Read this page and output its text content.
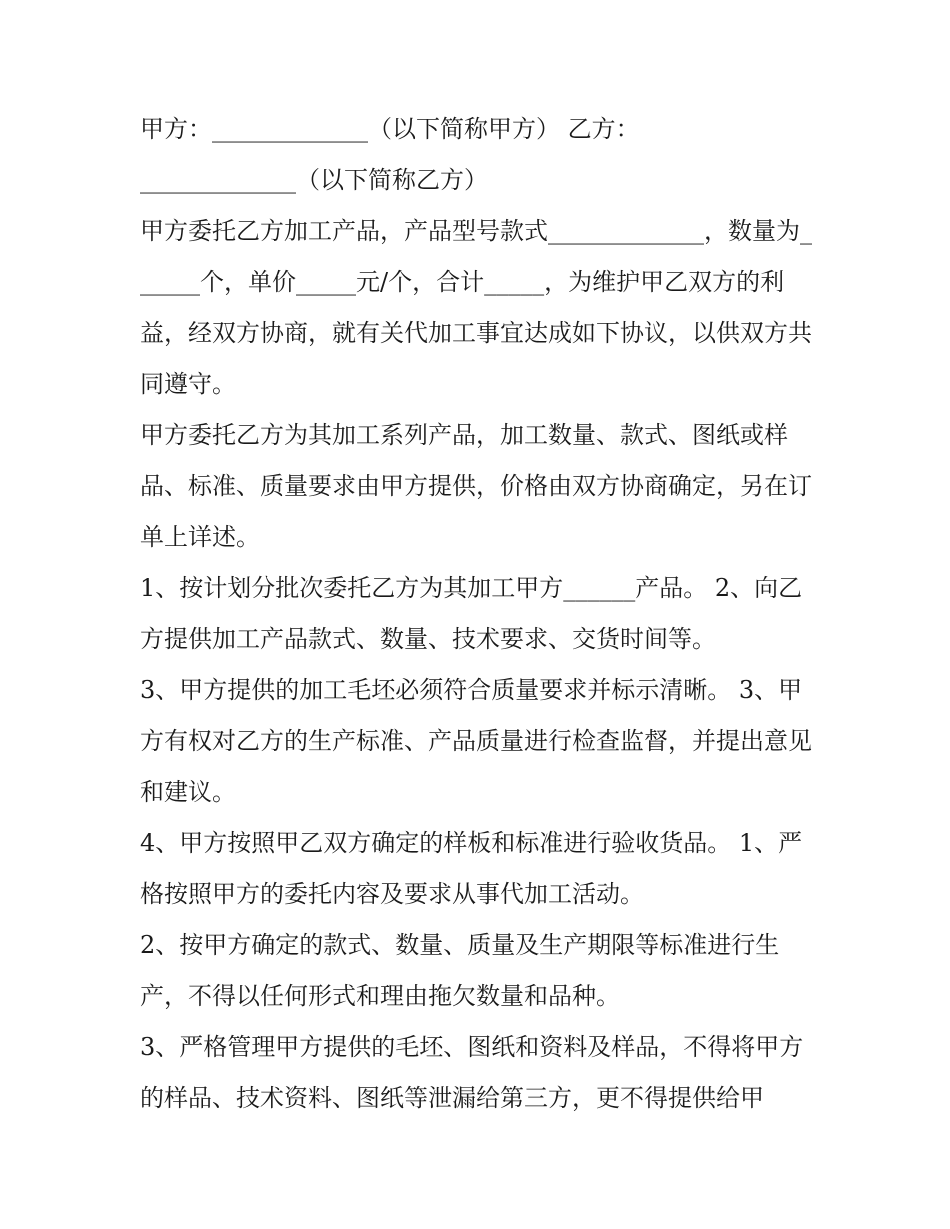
甲方：_____________（以下简称甲方） 乙方：

_____________（以下简称乙方）

甲方委托乙方加工产品，产品型号款式_____________，数量为______个，单价_____元/个，合计_____，为维护甲乙双方的利益，经双方协商，就有关代加工事宜达成如下协议，以供双方共同遵守。

甲方委托乙方为其加工系列产品，加工数量、款式、图纸或样品、标准、质量要求由甲方提供，价格由双方协商确定，另在订单上详述。

1、按计划分批次委托乙方为其加工甲方______产品。 2、向乙方提供加工产品款式、数量、技术要求、交货时间等。

3、甲方提供的加工毛坯必须符合质量要求并标示清晰。 3、甲方有权对乙方的生产标准、产品质量进行检查监督，并提出意见和建议。

4、甲方按照甲乙双方确定的样板和标准进行验收货品。 1、严格按照甲方的委托内容及要求从事代加工活动。

2、按甲方确定的款式、数量、质量及生产期限等标准进行生产，不得以任何形式和理由拖欠数量和品种。

3、严格管理甲方提供的毛坯、图纸和资料及样品，不得将甲方的样品、技术资料、图纸等泄漏给第三方，更不得提供给甲
